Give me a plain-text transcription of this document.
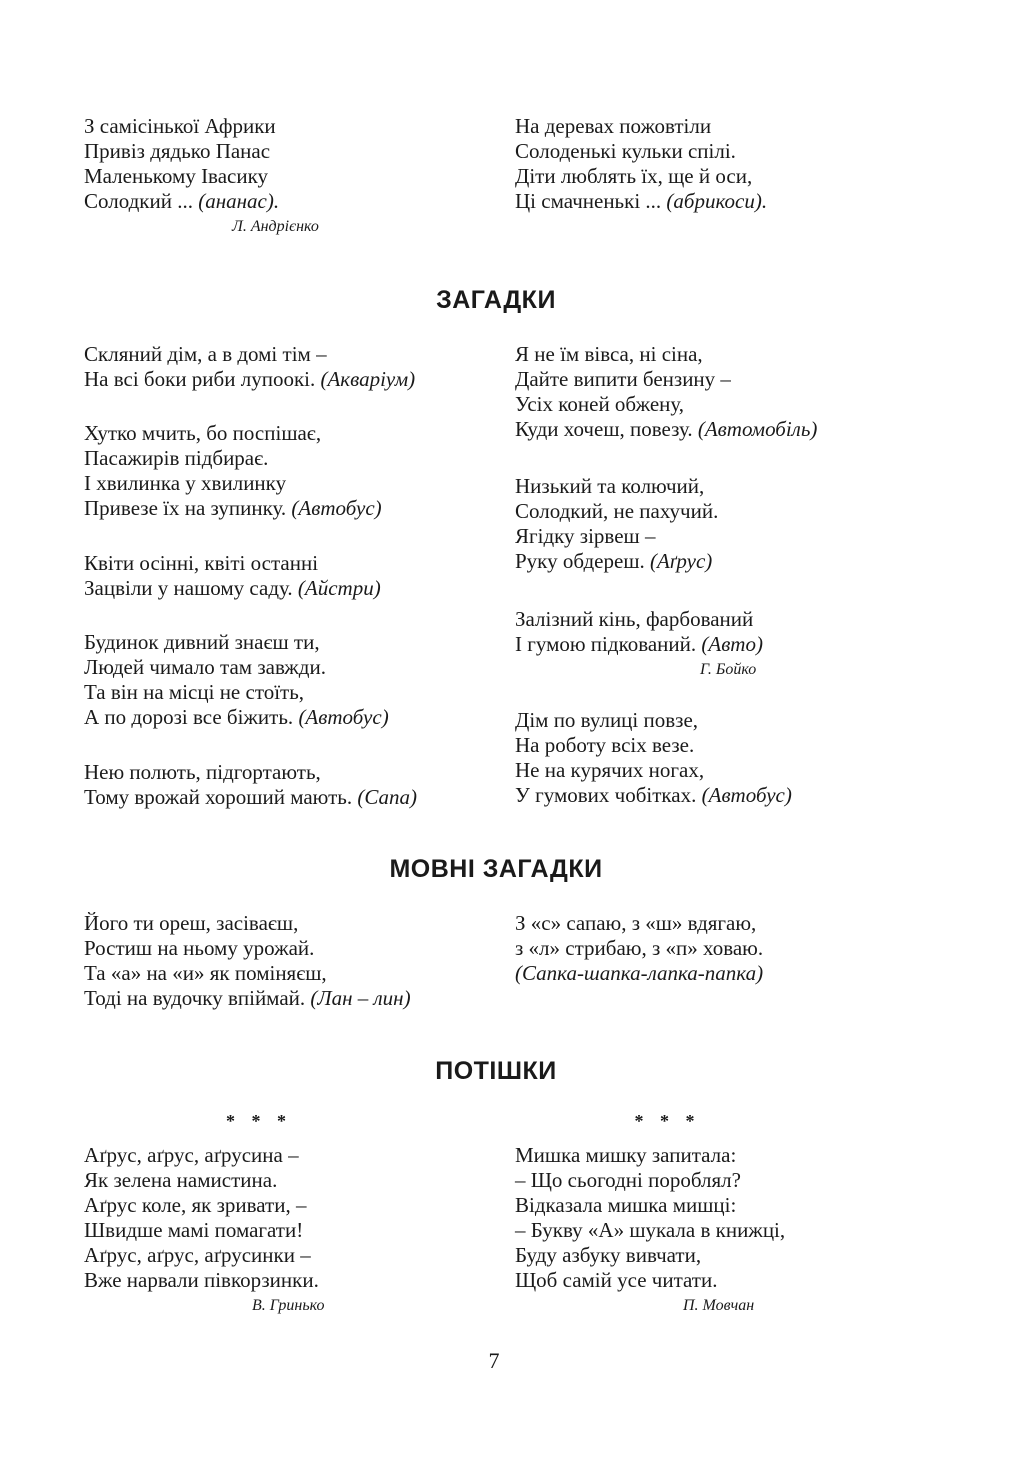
З самісінької Африки
Привіз дядько Панас
Маленькому Івасику
Солодкий ... (ананас).
Л. Андрієнко
На деревах пожовтіли
Солоденькі кульки спілі.
Діти люблять їх, ще й оси,
Ці смачненькі ... (абрикоси).
ЗАГАДКИ
Скляний дім, а в домі тім –
На всі боки риби лупоокі. (Акваріум)
Хутко мчить, бо поспішає,
Пасажирів підбирає.
І хвилинка у хвилинку
Привезе їх на зупинку. (Автобус)
Квіти осінні, квіті останні
Зацвіли у нашому саду. (Айстри)
Будинок дивний знаєш ти,
Людей чимало там завжди.
Та він на місці не стоїть,
А по дорозі все біжить. (Автобус)
Нею полють, підгортають,
Тому врожай хороший мають. (Сапа)
Я не їм вівса, ні сіна,
Дайте випити бензину –
Усіх коней обжену,
Куди хочеш, повезу. (Автомобіль)
Низький та колючий,
Солодкий, не пахучий.
Ягідку зірвеш –
Руку обдереш. (Аґрус)
Залізний кінь, фарбований
І гумою підкований. (Авто)
Г. Бойко
Дім по вулиці повзе,
На роботу всіх везе.
Не на курячих ногах,
У гумових чобітках. (Автобус)
МОВНІ ЗАГАДКИ
Його ти ореш, засіваєш,
Ростиш на ньому урожай.
Та «а» на «и» як поміняєш,
Тоді на вудочку впіймай. (Лан – лин)
З «с» сапаю, з «ш» вдягаю,
з «л» стрибаю, з «п» ховаю.
(Сапка-шапка-лапка-папка)
ПОТІШКИ
* * *
Аґрус, аґрус, аґрусина –
Як зелена намистина.
Аґрус коле, як зривати, –
Швидше мамі помагати!
Аґрус, аґрус, аґрусинки –
Вже нарвали півкорзинки.
В. Гринько
* * *
Мишка мишку запитала:
– Що сьогодні пороблял?
Відказала мишка мишці:
– Букву «А» шукала в книжці,
Буду азбуку вивчати,
Щоб самій усе читати.
П. Мовчан
7
